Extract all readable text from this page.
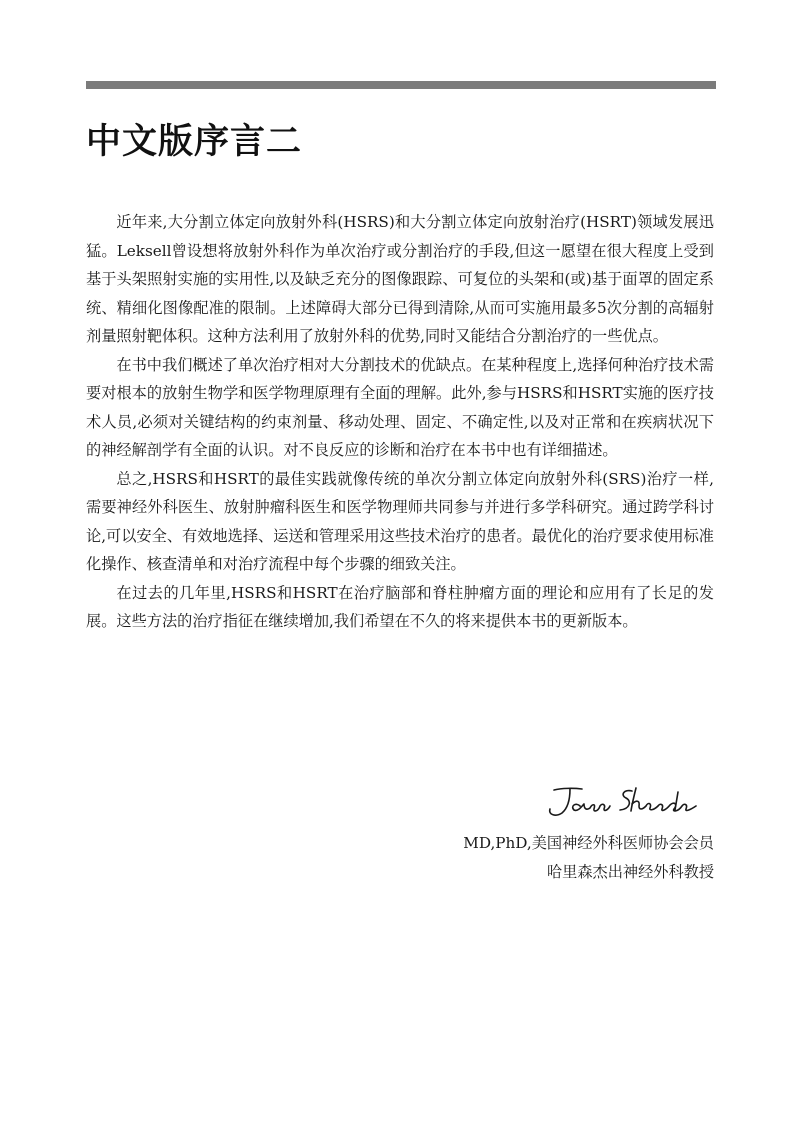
中文版序言二

近年来,大分割立体定向放射外科(HSRS)和大分割立体定向放射治疗(HSRT)领域发展迅猛。Leksell曾设想将放射外科作为单次治疗或分割治疗的手段,但这一愿望在很大程度上受到基于头架照射实施的实用性,以及缺乏充分的图像跟踪、可复位的头架和(或)基于面罩的固定系统、精细化图像配准的限制。上述障碍大部分已得到清除,从而可实施用最多5次分割的高辐射剂量照射靶体积。这种方法利用了放射外科的优势,同时又能结合分割治疗的一些优点。

在书中我们概述了单次治疗相对大分割技术的优缺点。在某种程度上,选择何种治疗技术需要对根本的放射生物学和医学物理原理有全面的理解。此外,参与HSRS和HSRT实施的医疗技术人员,必须对关键结构的约束剂量、移动处理、固定、不确定性,以及对正常和在疾病状况下的神经解剖学有全面的认识。对不良反应的诊断和治疗在本书中也有详细描述。

总之,HSRS和HSRT的最佳实践就像传统的单次分割立体定向放射外科(SRS)治疗一样,需要神经外科医生、放射肿瘤科医生和医学物理师共同参与并进行多学科研究。通过跨学科讨论,可以安全、有效地选择、运送和管理采用这些技术治疗的患者。最优化的治疗要求使用标准化操作、核查清单和对治疗流程中每个步骤的细致关注。

在过去的几年里,HSRS和HSRT在治疗脑部和脊柱肿瘤方面的理论和应用有了长足的发展。这些方法的治疗指征在继续增加,我们希望在不久的将来提供本书的更新版本。

MD,PhD,美国神经外科医师协会会员
哈里森杰出神经外科教授
